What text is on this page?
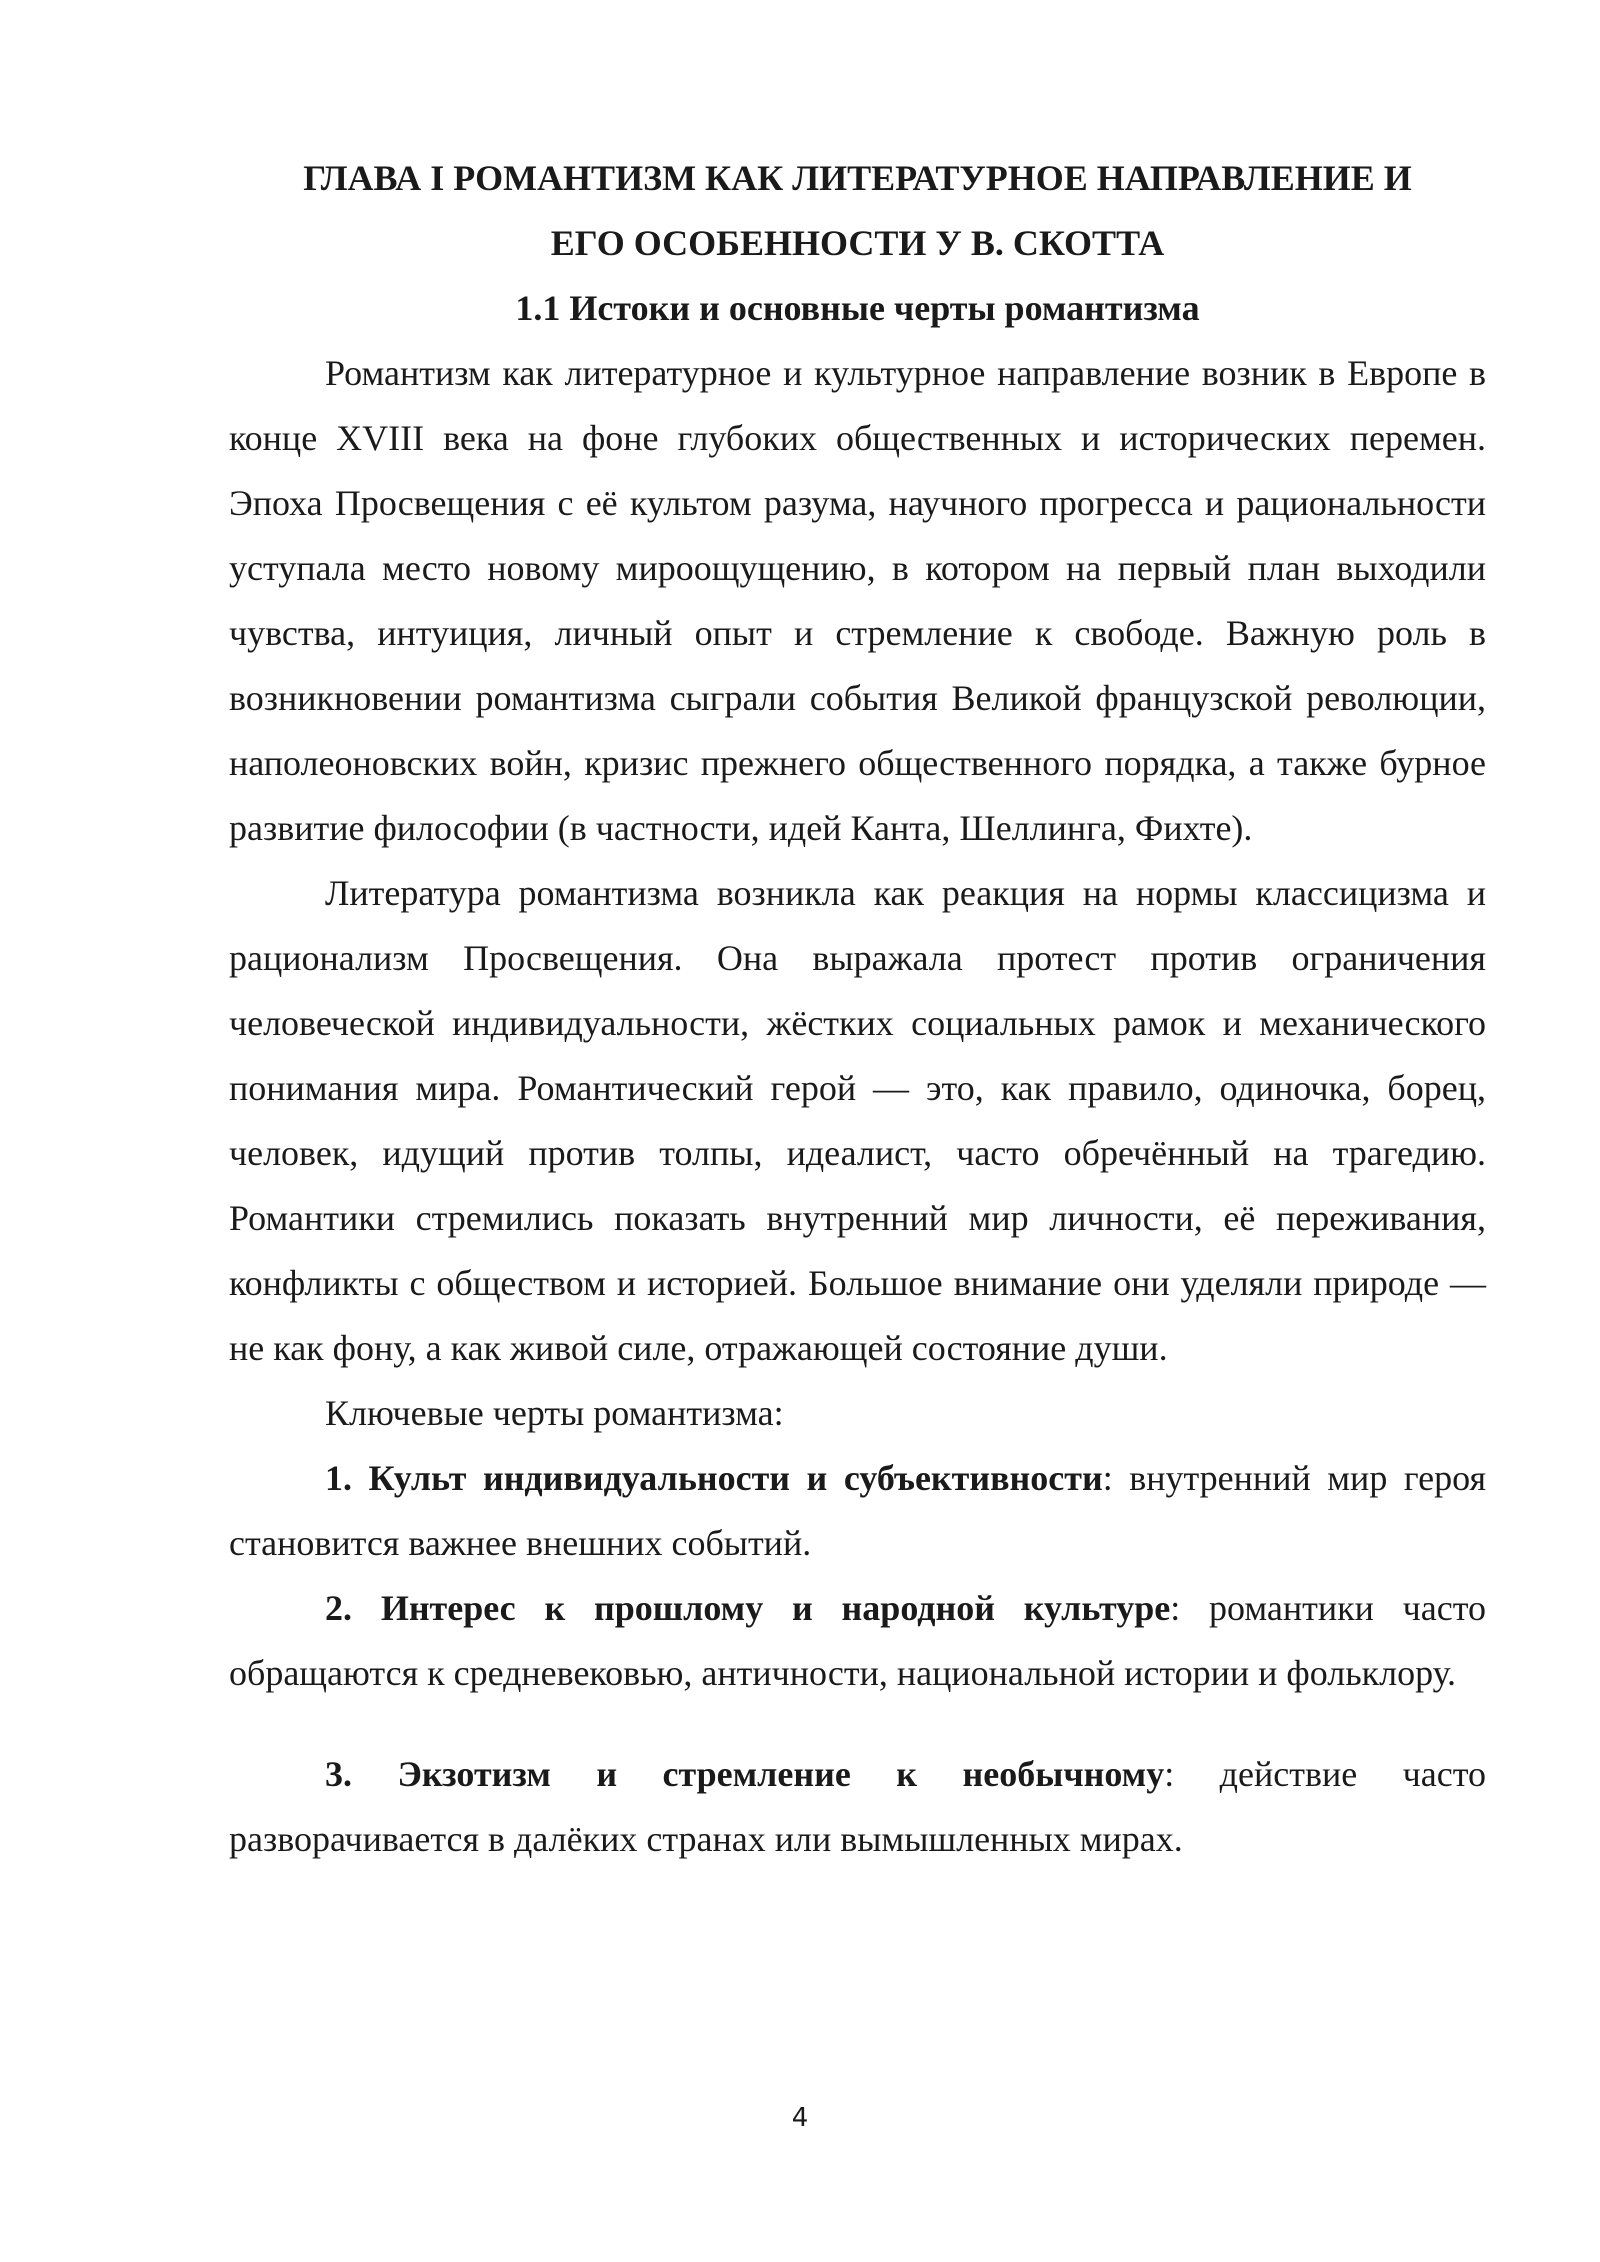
ГЛАВА I РОМАНТИЗМ КАК ЛИТЕРАТУРНОЕ НАПРАВЛЕНИЕ И
ЕГО ОСОБЕННОСТИ У В. СКОТТА
1.1 Истоки и основные черты романтизма

Романтизм как литературное и культурное направление возник в Европе в конце XVIII века на фоне глубоких общественных и исторических перемен. Эпоха Просвещения с её культом разума, научного прогресса и рациональности уступала место новому мироощущению, в котором на первый план выходили чувства, интуиция, личный опыт и стремление к свободе. Важную роль в возникновении романтизма сыграли события Великой французской революции, наполеоновских войн, кризис прежнего общественного порядка, а также бурное развитие философии (в частности, идей Канта, Шеллинга, Фихте).

Литература романтизма возникла как реакция на нормы классицизма и рационализм Просвещения. Она выражала протест против ограничения человеческой индивидуальности, жёстких социальных рамок и механического понимания мира. Романтический герой — это, как правило, одиночка, борец, человек, идущий против толпы, идеалист, часто обречённый на трагедию. Романтики стремились показать внутренний мир личности, её переживания, конфликты с обществом и историей. Большое внимание они уделяли природе — не как фону, а как живой силе, отражающей состояние души.

Ключевые черты романтизма:

1. Культ индивидуальности и субъективности: внутренний мир героя становится важнее внешних событий.

2. Интерес к прошлому и народной культуре: романтики часто обращаются к средневековью, античности, национальной истории и фольклору.

3. Экзотизм и стремление к необычному: действие часто разворачивается в далёких странах или вымышленных мирах.

4
